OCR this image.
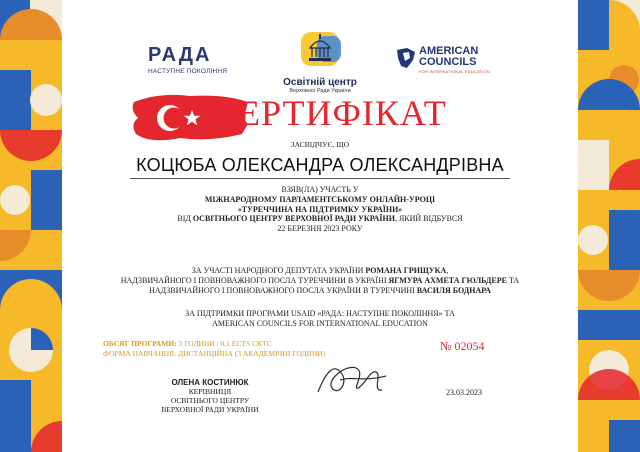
РАДА
НАСТУПНЕ ПОКОЛІННЯ
Освітній центр
Верховної Ради України
AMERICAN
COUNCILS
FOR INTERNATIONAL EDUCATION
ЕРТИФІКАТ
ЗАСВІДЧУЄ, ЩО
КОЦЮБА ОЛЕКСАНДРА ОЛЕКСАНДРІВНА
ВЗЯВ(ЛА) УЧАСТЬ У
МІЖНАРОДНОМУ ПАРЛАМЕНТСЬКОМУ ОНЛАЙН-УРОЦІ
«ТУРЕЧЧИНА НА ПІДТРИМКУ УКРАЇНИ»
ВІД ОСВІТНЬОГО ЦЕНТРУ ВЕРХОВНОЇ РАДИ УКРАЇНИ, ЯКИЙ ВІДБУВСЯ
22 БЕРЕЗНЯ 2023 РОКУ
ЗА УЧАСТІ НАРОДНОГО ДЕПУТАТА УКРАЇНИ РОМАНА ГРИЩУКА,
НАДЗВИЧАЙНОГО І ПОВНОВАЖНОГО ПОСЛА ТУРЕЧЧИНИ В УКРАЇНІ ЯГМУРА АХМЕТА ГЮЛЬДЕРЕ ТА
НАДЗВИЧАЙНОГО І ПОВНОВАЖНОГО ПОСЛА УКРАЇНИ В ТУРЕЧЧИНІ ВАСИЛЯ БОДНАРА
ЗА ПІДТРИМКИ ПРОГРАМИ USAID «РАДА: НАСТУПНЕ ПОКОЛІННЯ» ТА
AMERICAN COUNCILS FOR INTERNATIONAL EDUCATION
ОБСЯГ ПРОГРАМИ: 3 ГОДИНИ / 0,1 ECTS СКТС
ФОРМА НАВЧАННЯ: ДИСТАНЦІЙНА (3 АКАДЕМІЧНІ ГОДИНИ)
№ 02054
ОЛЕНА КОСТИНЮК
КЕРІВНИЦЯ
ОСВІТНЬОГО ЦЕНТРУ
ВЕРХОВНОЇ РАДИ УКРАЇНИ
23.03.2023
